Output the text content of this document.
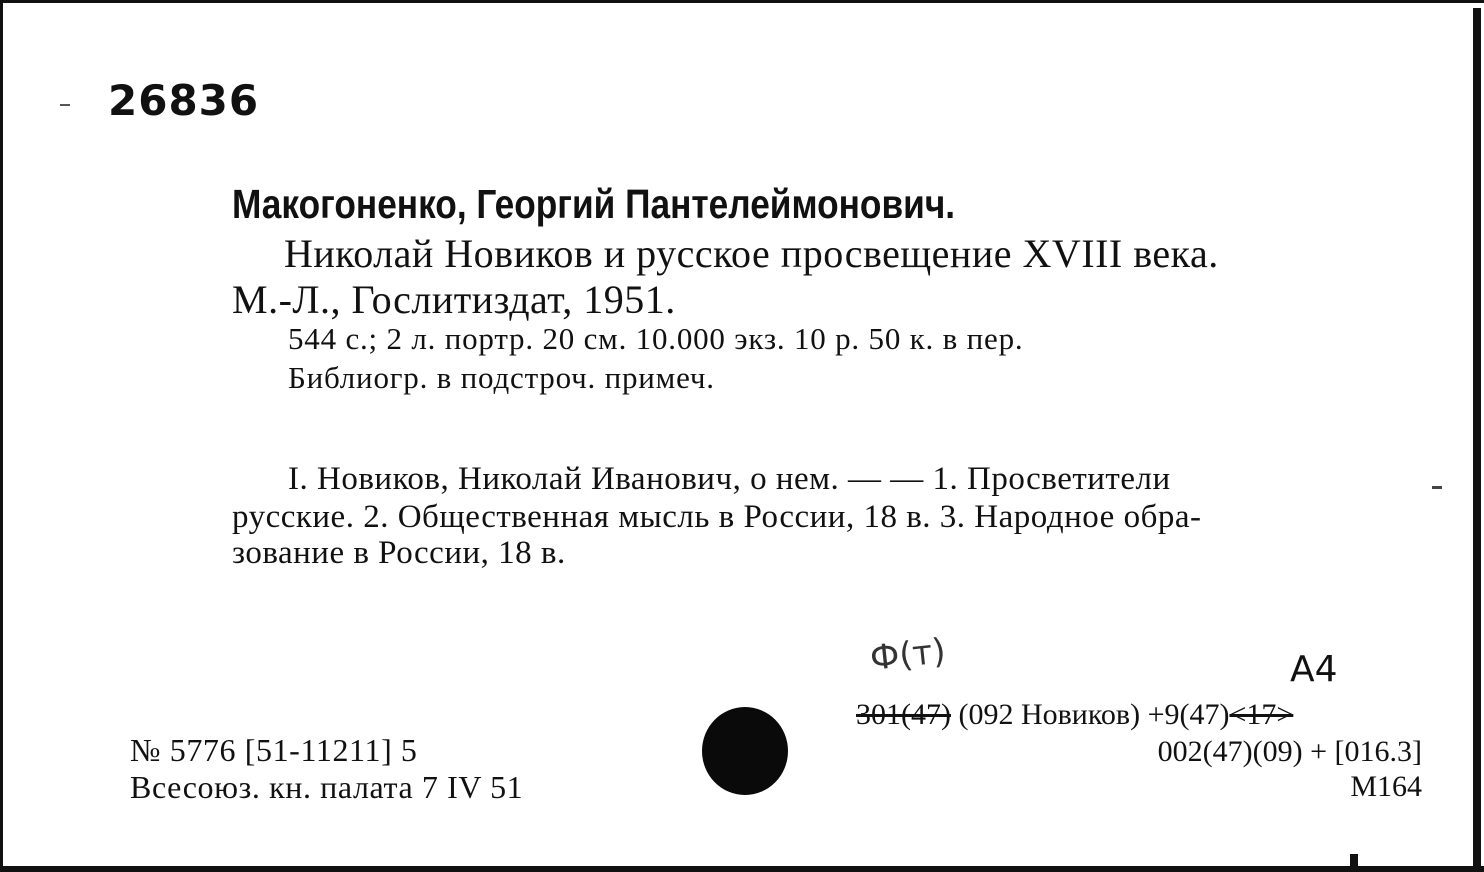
26836
Макогоненко, Георгий Пантелеймонович.
Николай Новиков и русское просвещение XVIII века.
М.-Л., Гослитиздат, 1951.
544 с.; 2 л. портр. 20 см. 10.000 экз. 10 р. 50 к. в пер.
Библиогр. в подстроч. примеч.
I. Новиков, Николай Иванович, о нем. — — 1. Просветители
русские. 2. Общественная мысль в России, 18 в. 3. Народное обра-
зование в России, 18 в.
Ф(т)	А4
№ 5776 [51-11211] 5
Всесоюз. кн. палата 7 IV 51
301(47) (092 Новиков) +9(47)<17>
002(47)(09) + [016.3]
М164
